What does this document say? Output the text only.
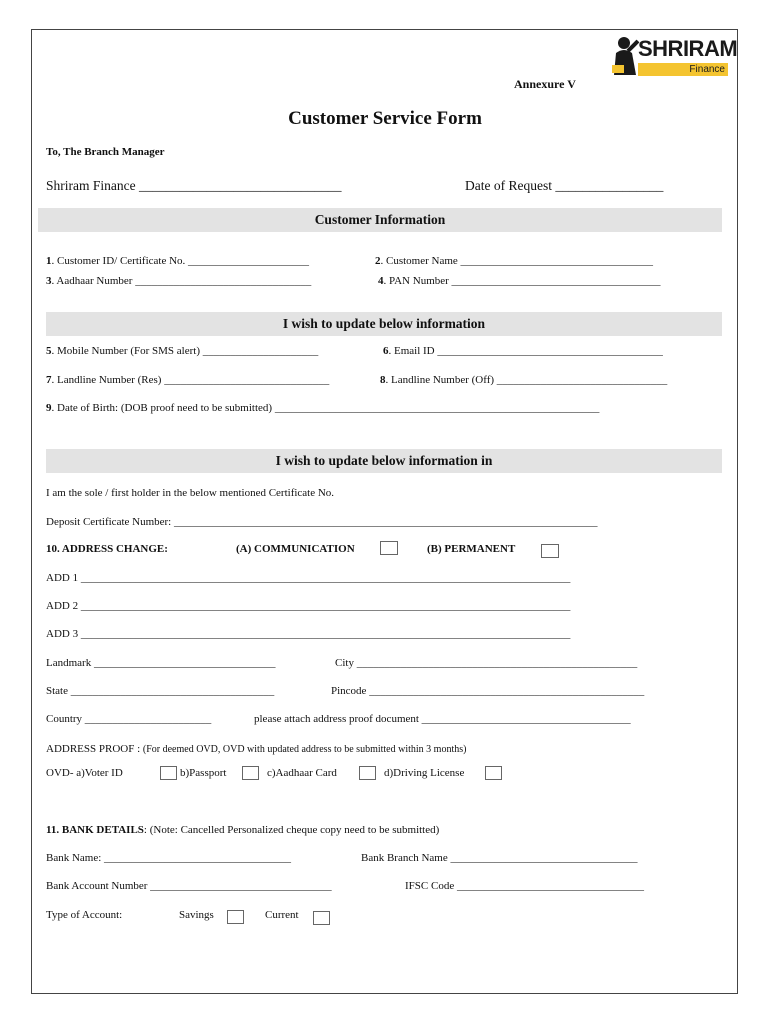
SHRIRAM
Finance
Annexure V
Customer Service Form
To, The Branch Manager
Shriram Finance ______________________________	Date of Request ________________
Customer Information
1. Customer ID/ Certificate No. ______________________	2. Customer Name ___________________________________
3. Aadhaar Number ________________________________	4. PAN Number ______________________________________
I wish to update below information
5. Mobile Number (For SMS alert) _____________________	6. Email ID _________________________________________
7. Landline Number (Res) ______________________________	8. Landline Number (Off) _______________________________
9. Date of Birth: (DOB proof need to be submitted) ___________________________________________________________
I wish to update below information in
I am the sole / first holder in the below mentioned Certificate No.
Deposit Certificate Number: _____________________________________________________________________________
10. ADDRESS CHANGE:	(A) COMMUNICATION	(B) PERMANENT
ADD 1 _________________________________________________________________________________________
ADD 2 _________________________________________________________________________________________
ADD 3 _________________________________________________________________________________________
Landmark _________________________________	City ___________________________________________________
State _____________________________________	Pincode __________________________________________________
Country _______________________	please attach address proof document ______________________________________
ADDRESS PROOF : (For deemed OVD, OVD with updated address to be submitted within 3 months)
OVD- a)Voter ID	b)Passport	c)Aadhaar Card	d)Driving License
11. BANK DETAILS: (Note: Cancelled Personalized cheque copy need to be submitted)
Bank Name: __________________________________	Bank Branch Name __________________________________
Bank Account Number _________________________________	IFSC Code __________________________________
Type of Account:	Savings	Current
